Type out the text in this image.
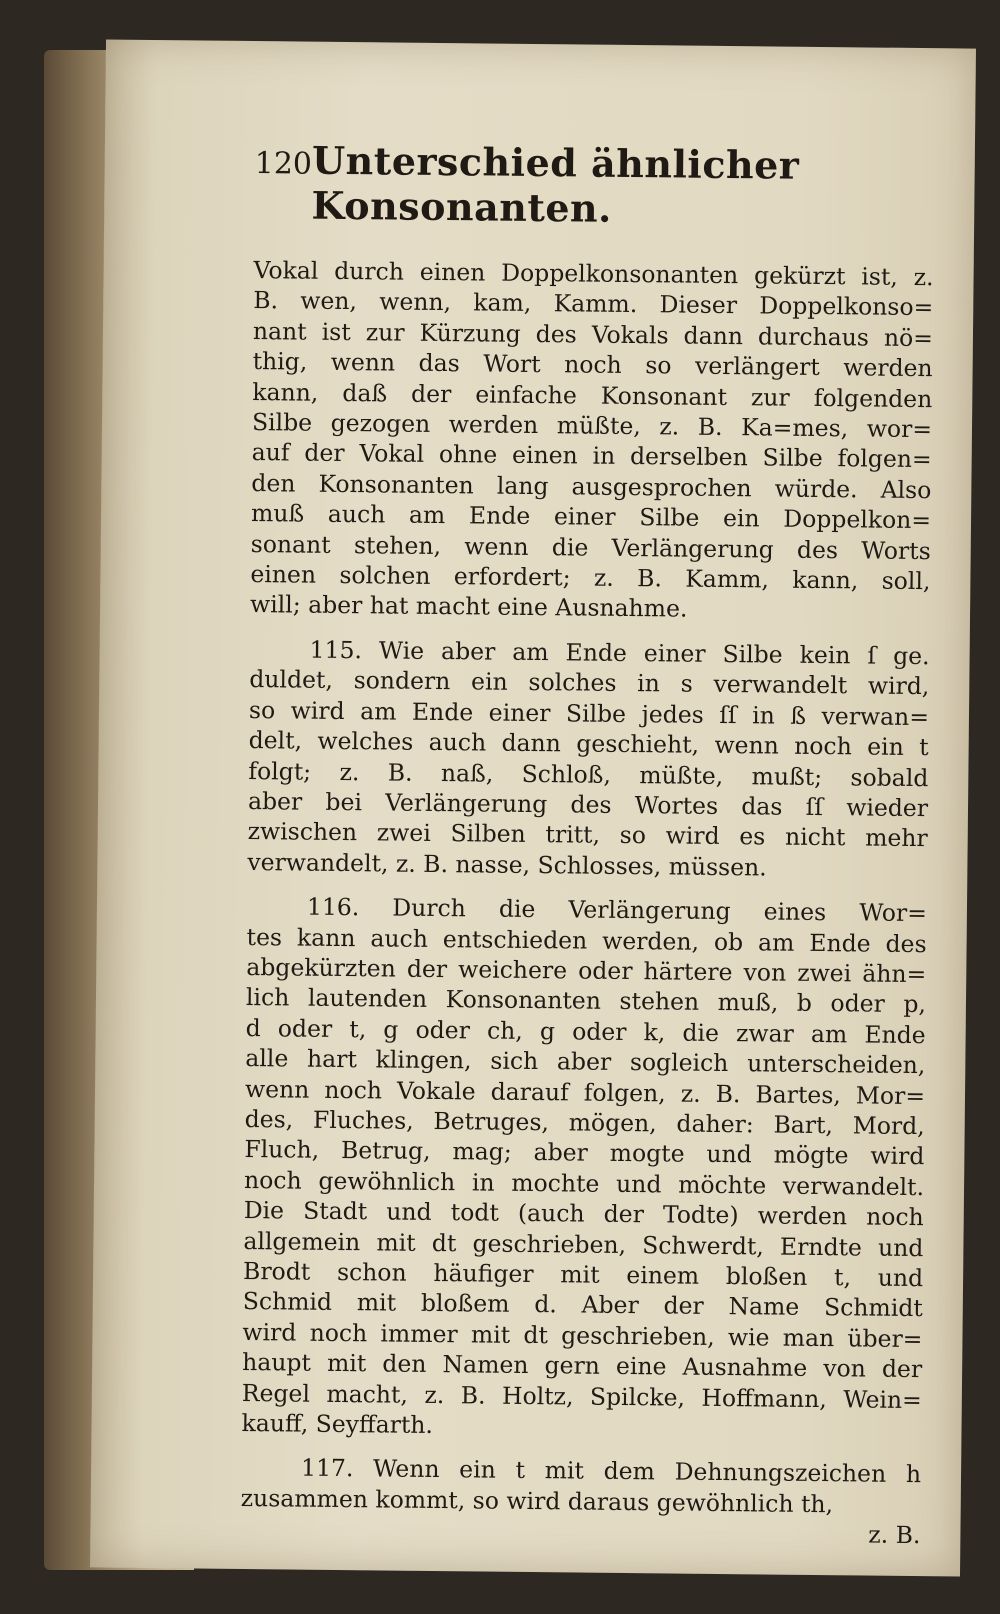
120 Unterschied ähnlicher Konsonanten.
Vokal durch einen Doppelkonsonanten gekürzt ist, z.
B. wen, wenn, kam, Kamm. Dieser Doppelkonso=
nant ist zur Kürzung des Vokals dann durchaus nö=
thig, wenn das Wort noch so verlängert werden
kann, daß der einfache Konsonant zur folgenden
Silbe gezogen werden müßte, z. B. Ka=mes, wor=
auf der Vokal ohne einen in derselben Silbe folgen=
den Konsonanten lang ausgesprochen würde. Also
muß auch am Ende einer Silbe ein Doppelkon=
sonant stehen, wenn die Verlängerung des Worts
einen solchen erfordert; z. B. Kamm, kann, soll,
will; aber hat macht eine Ausnahme.
115. Wie aber am Ende einer Silbe kein ſ ge.
duldet, sondern ein solches in s verwandelt wird,
so wird am Ende einer Silbe jedes ſſ in ß verwan=
delt, welches auch dann geschieht, wenn noch ein t
folgt; z. B. naß, Schloß, müßte, mußt; sobald
aber bei Verlängerung des Wortes das ſſ wieder
zwischen zwei Silben tritt, so wird es nicht mehr
verwandelt, z. B. nasse, Schlosses, müssen.
116. Durch die Verlängerung eines Wor=
tes kann auch entschieden werden, ob am Ende des
abgekürzten der weichere oder härtere von zwei ähn=
lich lautenden Konsonanten stehen muß, b oder p,
d oder t, g oder ch, g oder k, die zwar am Ende
alle hart klingen, sich aber sogleich unterscheiden,
wenn noch Vokale darauf folgen, z. B. Bartes, Mor=
des, Fluches, Betruges, mögen, daher: Bart, Mord,
Fluch, Betrug, mag; aber mogte und mögte wird
noch gewöhnlich in mochte und möchte verwandelt.
Die Stadt und todt (auch der Todte) werden noch
allgemein mit dt geschrieben, Schwerdt, Erndte und
Brodt schon häufiger mit einem bloßen t, und
Schmid mit bloßem d. Aber der Name Schmidt
wird noch immer mit dt geschrieben, wie man über=
haupt mit den Namen gern eine Ausnahme von der
Regel macht, z. B. Holtz, Spilcke, Hoffmann, Wein=
kauff, Seyffarth.
117. Wenn ein t mit dem Dehnungszeichen h
zusammen kommt, so wird daraus gewöhnlich th,
z. B.
